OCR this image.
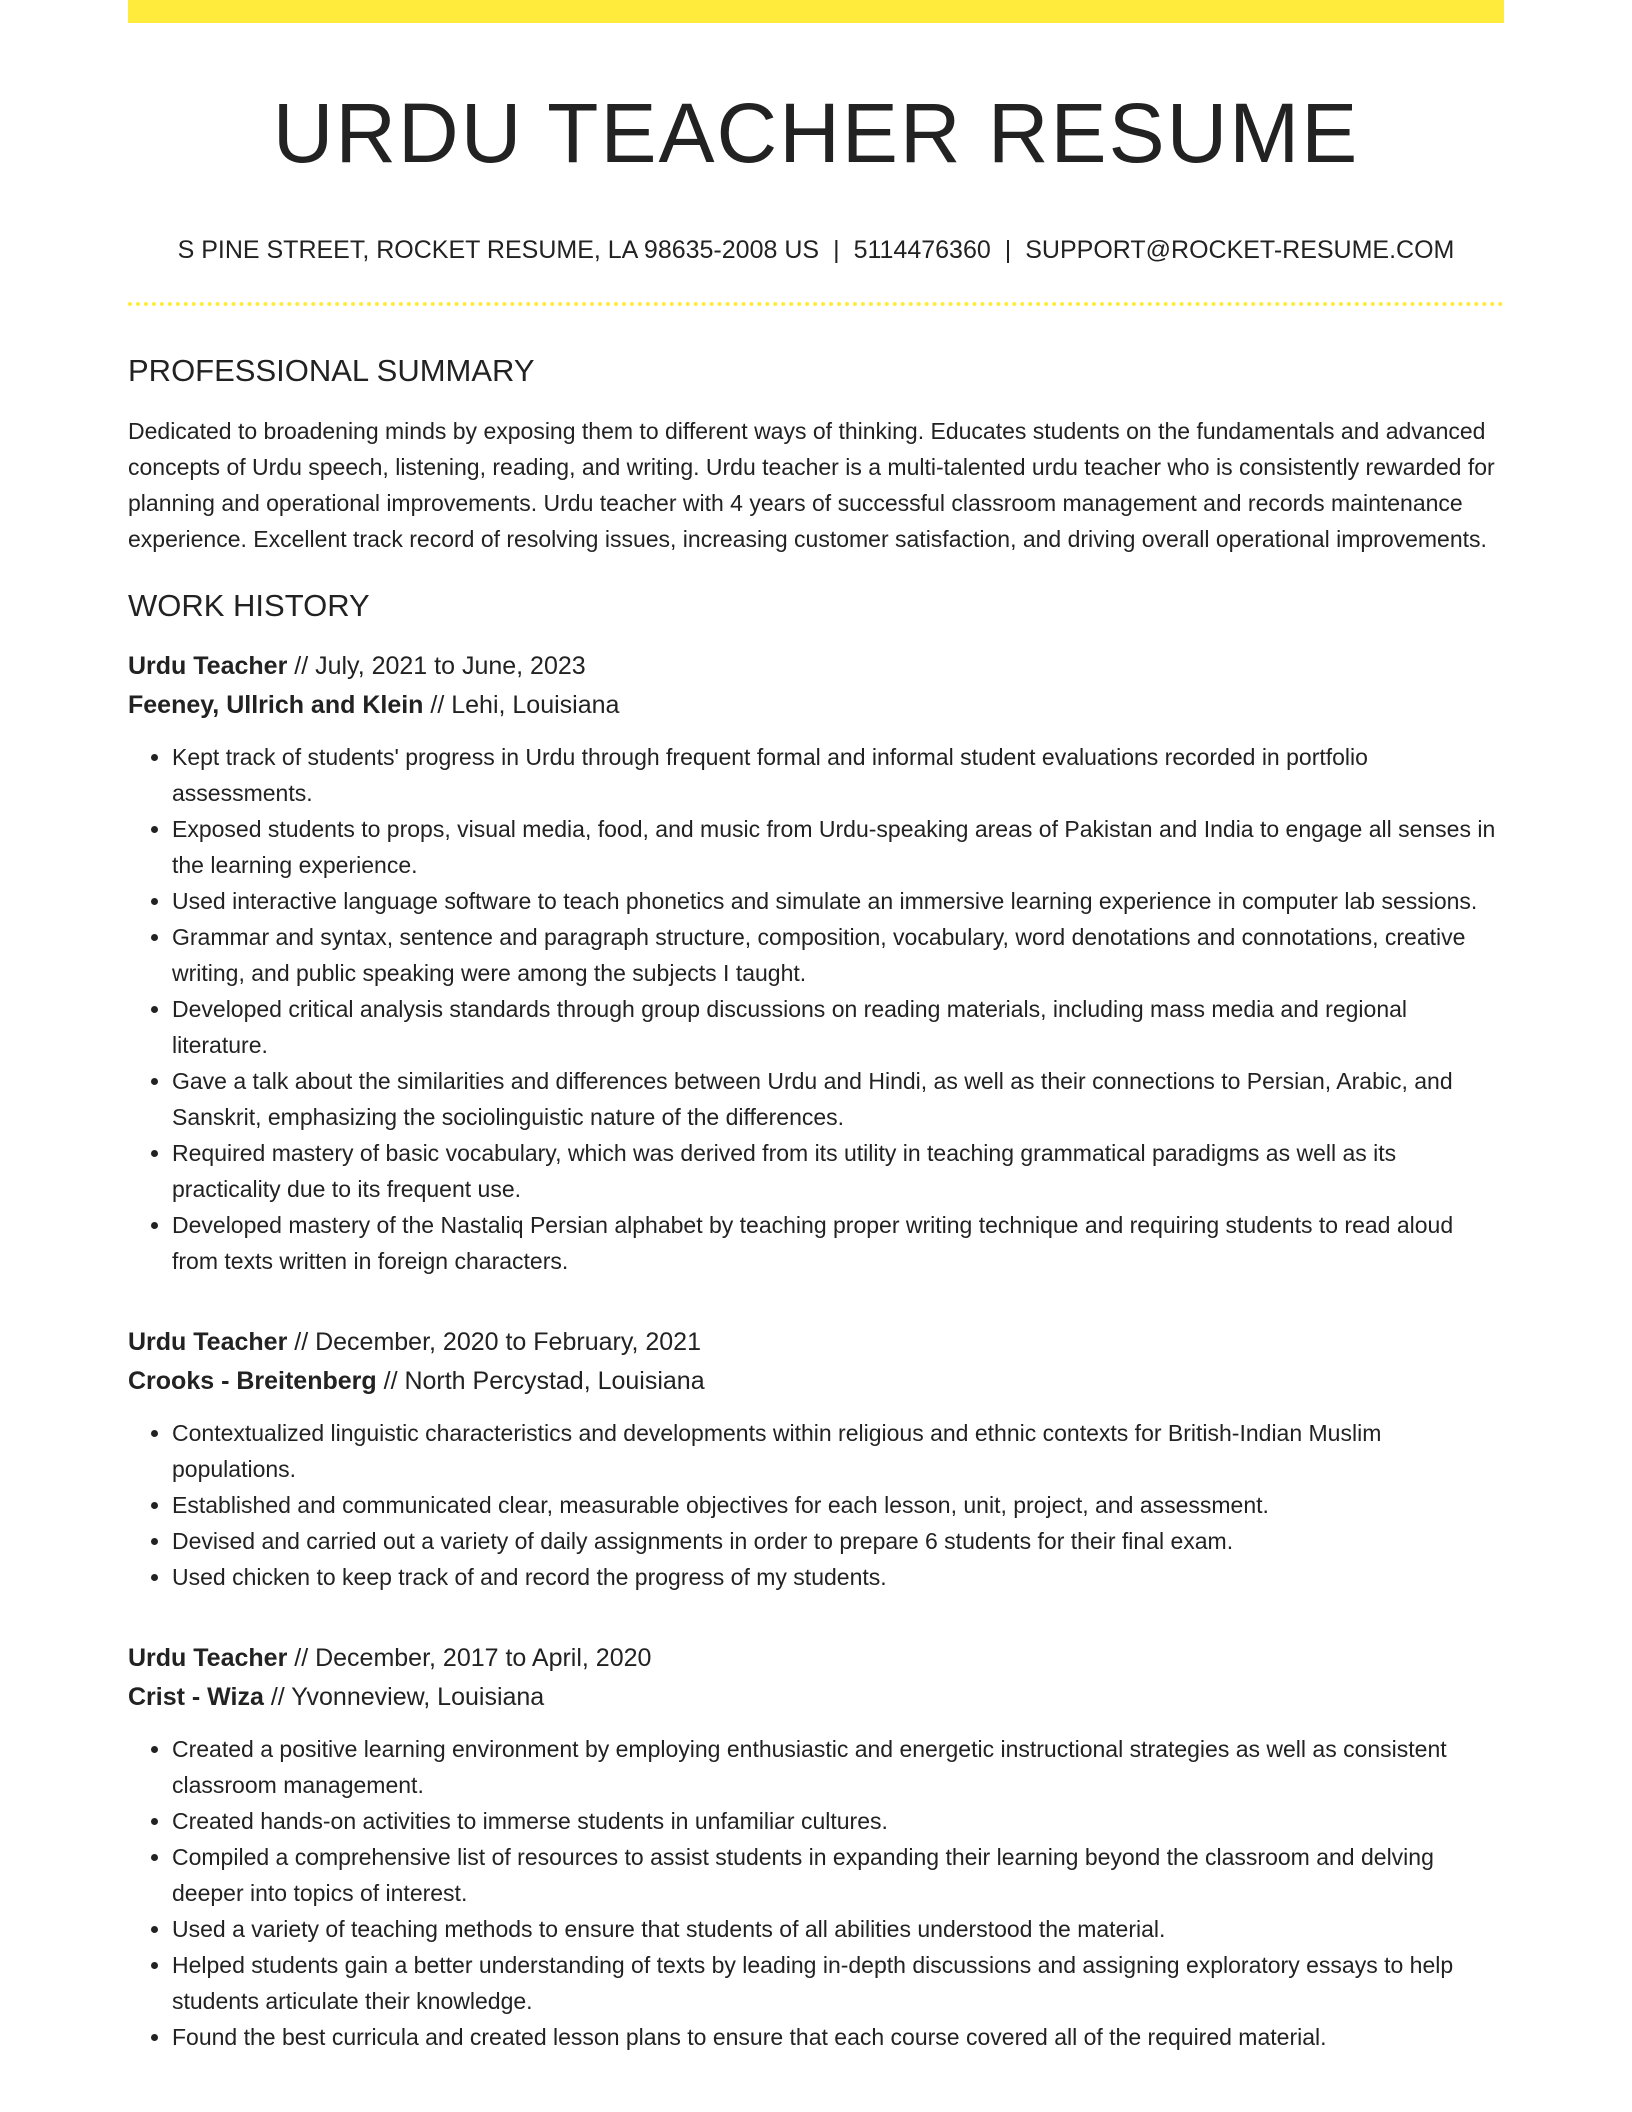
URDU TEACHER RESUME
S PINE STREET, ROCKET RESUME, LA 98635-2008 US | 5114476360 | SUPPORT@ROCKET-RESUME.COM
PROFESSIONAL SUMMARY

Dedicated to broadening minds by exposing them to different ways of thinking. Educates students on the fundamentals and advanced concepts of Urdu speech, listening, reading, and writing. Urdu teacher is a multi-talented urdu teacher who is consistently rewarded for planning and operational improvements. Urdu teacher with 4 years of successful classroom management and records maintenance experience. Excellent track record of resolving issues, increasing customer satisfaction, and driving overall operational improvements.

WORK HISTORY
Urdu Teacher // July, 2021 to June, 2023
Feeney, Ullrich and Klein // Lehi, Louisiana
• Kept track of students' progress in Urdu through frequent formal and informal student evaluations recorded in portfolio assessments.
• Exposed students to props, visual media, food, and music from Urdu-speaking areas of Pakistan and India to engage all senses in the learning experience.
• Used interactive language software to teach phonetics and simulate an immersive learning experience in computer lab sessions.
• Grammar and syntax, sentence and paragraph structure, composition, vocabulary, word denotations and connotations, creative writing, and public speaking were among the subjects I taught.
• Developed critical analysis standards through group discussions on reading materials, including mass media and regional literature.
• Gave a talk about the similarities and differences between Urdu and Hindi, as well as their connections to Persian, Arabic, and Sanskrit, emphasizing the sociolinguistic nature of the differences.
• Required mastery of basic vocabulary, which was derived from its utility in teaching grammatical paradigms as well as its practicality due to its frequent use.
• Developed mastery of the Nastaliq Persian alphabet by teaching proper writing technique and requiring students to read aloud from texts written in foreign characters.
Urdu Teacher // December, 2020 to February, 2021
Crooks - Breitenberg // North Percystad, Louisiana
• Contextualized linguistic characteristics and developments within religious and ethnic contexts for British-Indian Muslim populations.
• Established and communicated clear, measurable objectives for each lesson, unit, project, and assessment.
• Devised and carried out a variety of daily assignments in order to prepare 6 students for their final exam.
• Used chicken to keep track of and record the progress of my students.
Urdu Teacher // December, 2017 to April, 2020
Crist - Wiza // Yvonneview, Louisiana
• Created a positive learning environment by employing enthusiastic and energetic instructional strategies as well as consistent classroom management.
• Created hands-on activities to immerse students in unfamiliar cultures.
• Compiled a comprehensive list of resources to assist students in expanding their learning beyond the classroom and delving deeper into topics of interest.
• Used a variety of teaching methods to ensure that students of all abilities understood the material.
• Helped students gain a better understanding of texts by leading in-depth discussions and assigning exploratory essays to help students articulate their knowledge.
• Found the best curricula and created lesson plans to ensure that each course covered all of the required material.
